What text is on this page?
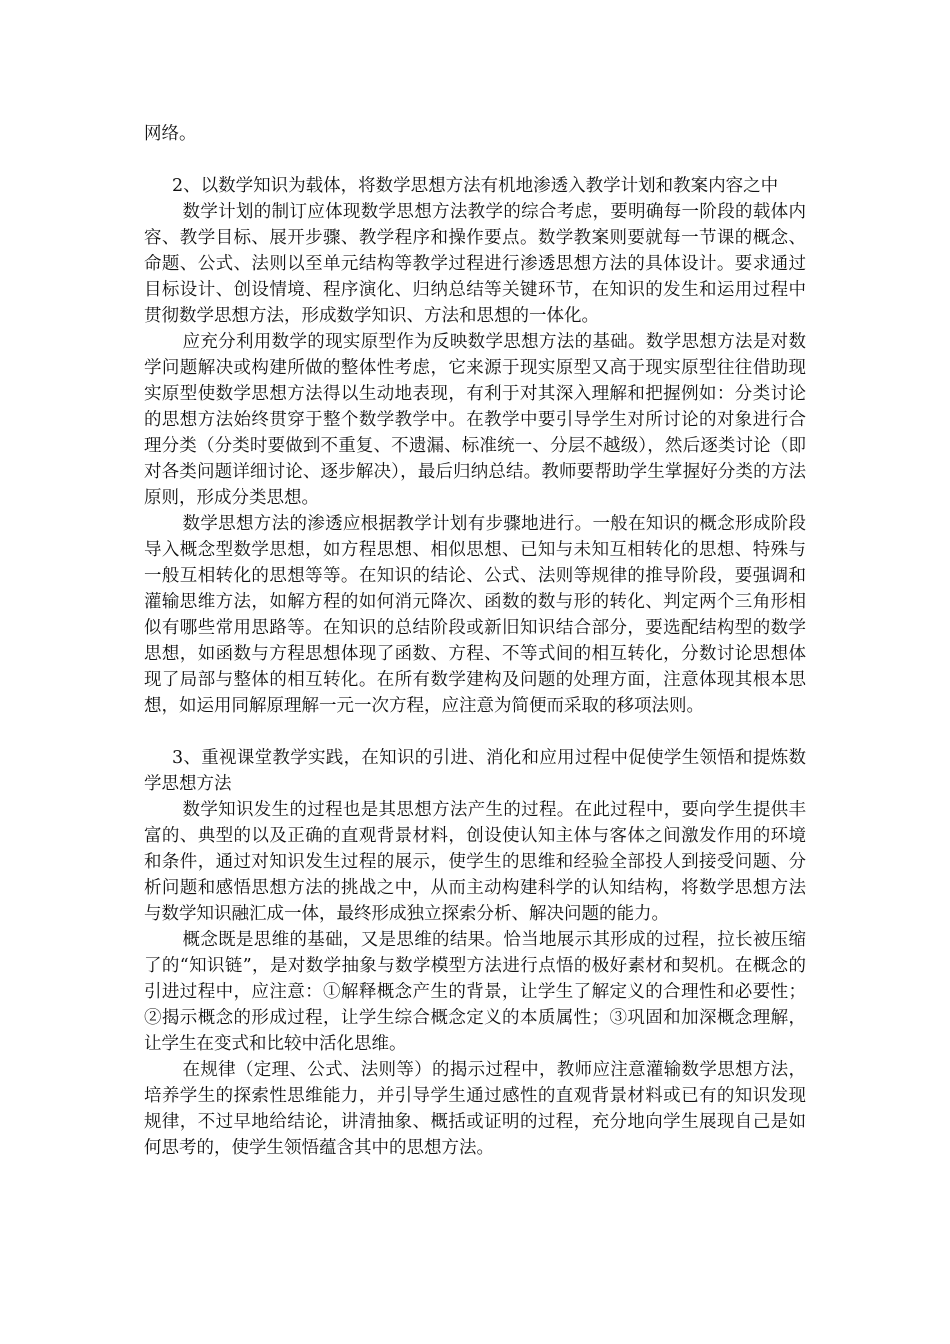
网络。

2、以数学知识为载体，将数学思想方法有机地渗透入教学计划和教案内容之中

数学计划的制订应体现数学思想方法教学的综合考虑，要明确每一阶段的载体内容、教学目标、展开步骤、教学程序和操作要点。数学教案则要就每一节课的概念、命题、公式、法则以至单元结构等教学过程进行渗透思想方法的具体设计。要求通过目标设计、创设情境、程序演化、归纳总结等关键环节，在知识的发生和运用过程中贯彻数学思想方法，形成数学知识、方法和思想的一体化。

应充分利用数学的现实原型作为反映数学思想方法的基础。数学思想方法是对数学问题解决或构建所做的整体性考虑，它来源于现实原型又高于现实原型往往借助现实原型使数学思想方法得以生动地表现，有利于对其深入理解和把握例如：分类讨论的思想方法始终贯穿于整个数学教学中。在教学中要引导学生对所讨论的对象进行合理分类（分类时要做到不重复、不遗漏、标准统一、分层不越级），然后逐类讨论（即对各类问题详细讨论、逐步解决），最后归纳总结。教师要帮助学生掌握好分类的方法原则，形成分类思想。

数学思想方法的渗透应根据教学计划有步骤地进行。一般在知识的概念形成阶段导入概念型数学思想，如方程思想、相似思想、已知与未知互相转化的思想、特殊与一般互相转化的思想等等。在知识的结论、公式、法则等规律的推导阶段，要强调和灌输思维方法，如解方程的如何消元降次、函数的数与形的转化、判定两个三角形相似有哪些常用思路等。在知识的总结阶段或新旧知识结合部分，要选配结构型的数学思想，如函数与方程思想体现了函数、方程、不等式间的相互转化，分数讨论思想体现了局部与整体的相互转化。在所有数学建构及问题的处理方面，注意体现其根本思想，如运用同解原理解一元一次方程，应注意为简便而采取的移项法则。

3、重视课堂教学实践，在知识的引进、消化和应用过程中促使学生领悟和提炼数学思想方法

数学知识发生的过程也是其思想方法产生的过程。在此过程中，要向学生提供丰富的、典型的以及正确的直观背景材料，创设使认知主体与客体之间激发作用的环境和条件，通过对知识发生过程的展示，使学生的思维和经验全部投人到接受问题、分析问题和感悟思想方法的挑战之中，从而主动构建科学的认知结构，将数学思想方法与数学知识融汇成一体，最终形成独立探索分析、解决问题的能力。

概念既是思维的基础，又是思维的结果。恰当地展示其形成的过程，拉长被压缩了的“知识链”，是对数学抽象与数学模型方法进行点悟的极好素材和契机。在概念的引进过程中，应注意：①解释概念产生的背景，让学生了解定义的合理性和必要性；②揭示概念的形成过程，让学生综合概念定义的本质属性；③巩固和加深概念理解，让学生在变式和比较中活化思维。

在规律（定理、公式、法则等）的揭示过程中，教师应注意灌输数学思想方法，培养学生的探索性思维能力，并引导学生通过感性的直观背景材料或已有的知识发现规律，不过早地给结论，讲清抽象、概括或证明的过程，充分地向学生展现自己是如何思考的，使学生领悟蕴含其中的思想方法。
